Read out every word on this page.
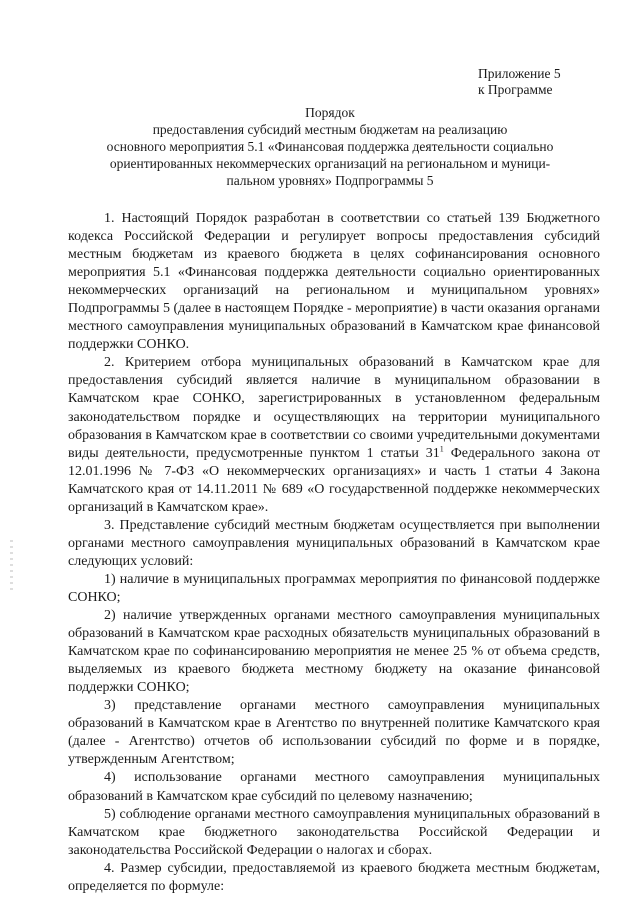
Приложение 5
к Программе
Порядок
предоставления субсидий местным бюджетам на реализацию
основного мероприятия 5.1 «Финансовая поддержка деятельности социально
ориентированных некоммерческих организаций на региональном и муници-
пальном уровнях» Подпрограммы 5

1. Настоящий Порядок разработан в соответствии со статьей 139 Бюджетного кодекса Российской Федерации и регулирует вопросы предоставления субсидий местным бюджетам из краевого бюджета в целях софинансирования основного мероприятия 5.1 «Финансовая поддержка деятельности социально ориентированных некоммерческих организаций на региональном и муниципальном уровнях» Подпрограммы 5 (далее в настоящем Порядке - мероприятие) в части оказания органами местного самоуправления муниципальных образований в Камчатском крае финансовой поддержки СОНКО.

2. Критерием отбора муниципальных образований в Камчатском крае для предоставления субсидий является наличие в муниципальном образовании в Камчатском крае СОНКО, зарегистрированных в установленном федеральным законодательством порядке и осуществляющих на территории муниципального образования в Камчатском крае в соответствии со своими учредительными документами виды деятельности, предусмотренные пунктом 1 статьи $31^1$ Федерального закона от 12.01.1996 № 7-ФЗ «О некоммерческих организациях» и часть 1 статьи 4 Закона Камчатского края от 14.11.2011 № 689 «О государственной поддержке некоммерческих организаций в Камчатском крае».

3. Представление субсидий местным бюджетам осуществляется при выполнении органами местного самоуправления муниципальных образований в Камчатском крае следующих условий:

1) наличие в муниципальных программах мероприятия по финансовой поддержке СОНКО;

2) наличие утвержденных органами местного самоуправления муниципальных образований в Камчатском крае расходных обязательств муниципальных образований в Камчатском крае по софинансированию мероприятия не менее 25 % от объема средств, выделяемых из краевого бюджета местному бюджету на оказание финансовой поддержки СОНКО;

3) представление органами местного самоуправления муниципальных образований в Камчатском крае в Агентство по внутренней политике Камчатского края (далее - Агентство) отчетов об использовании субсидий по форме и в порядке, утвержденным Агентством;

4) использование органами местного самоуправления муниципальных образований в Камчатском крае субсидий по целевому назначению;

5) соблюдение органами местного самоуправления муниципальных образований в Камчатском крае бюджетного законодательства Российской Федерации и законодательства Российской Федерации о налогах и сборах.

4. Размер субсидии, предоставляемой из краевого бюджета местным бюджетам, определяется по формуле:
